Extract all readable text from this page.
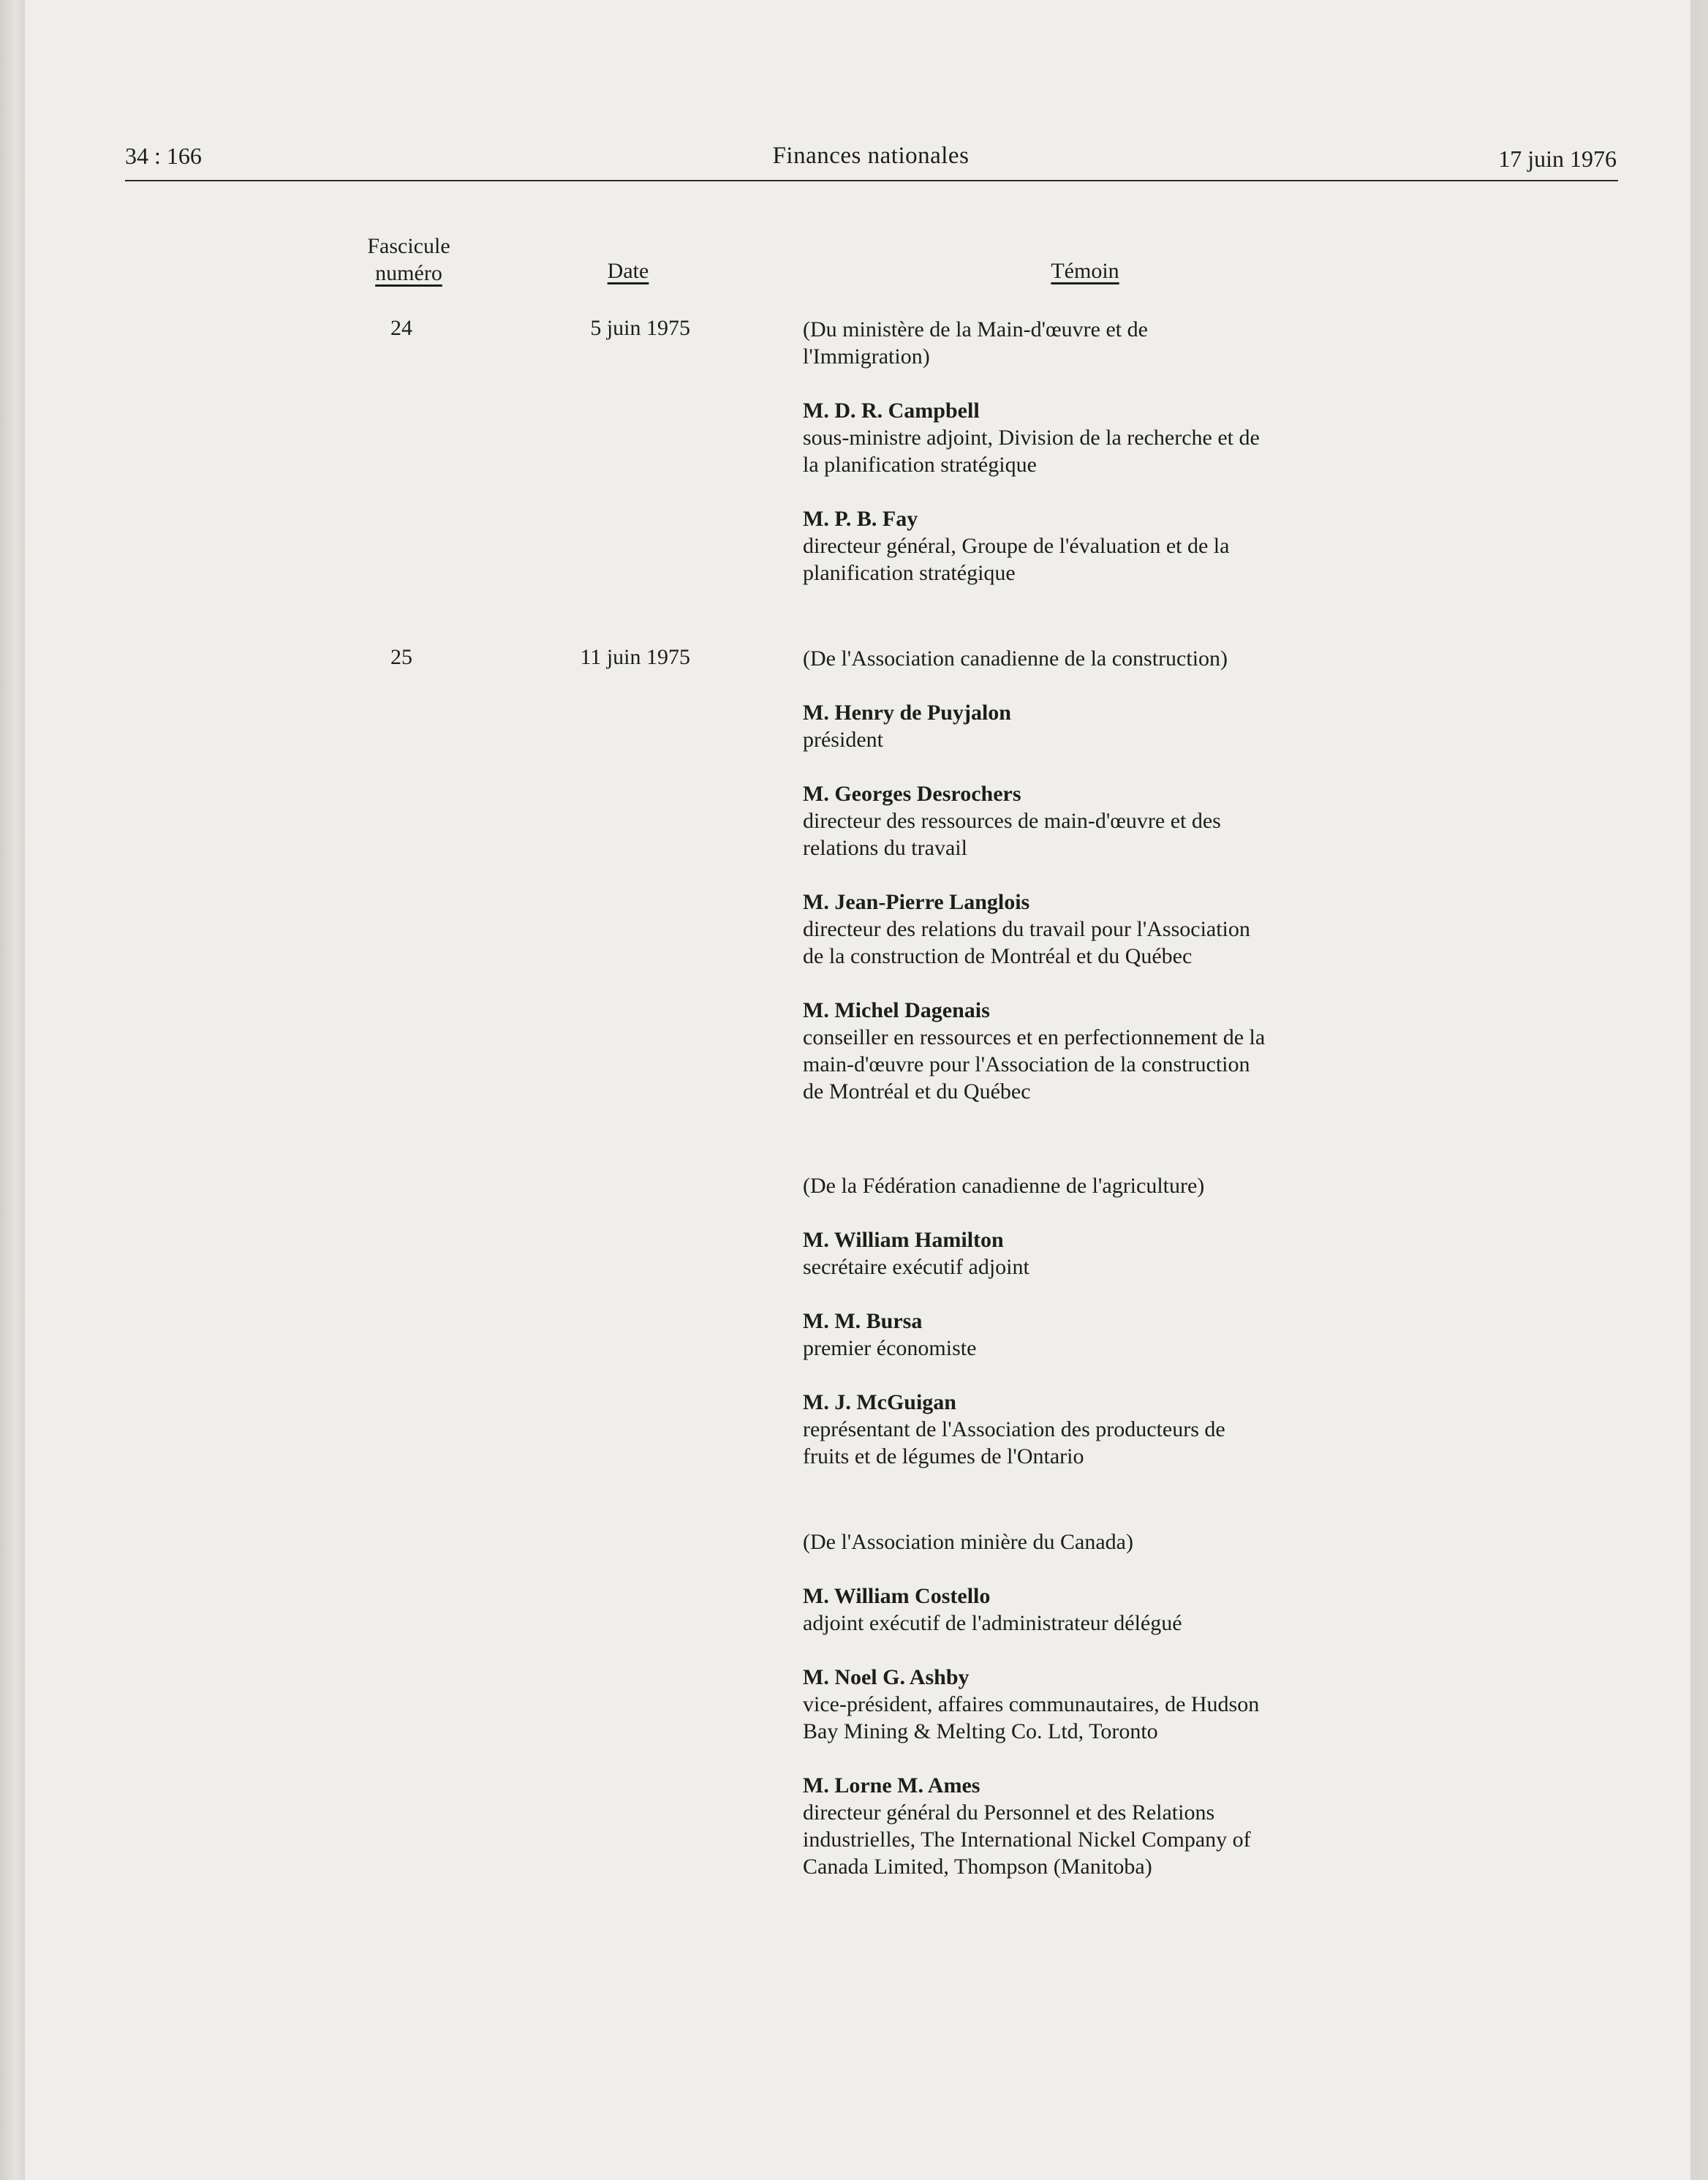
34 : 166	Finances nationales	17 juin 1976
Fascicule
numéro	Date	Témoin
24	5 juin 1975	(Du ministère de la Main-d'œuvre et de
l'Immigration)
M. D. R. Campbell
sous-ministre adjoint, Division de la recherche et de
la planification stratégique
M. P. B. Fay
directeur général, Groupe de l'évaluation et de la
planification stratégique
25	11 juin 1975	(De l'Association canadienne de la construction)
M. Henry de Puyjalon
président
M. Georges Desrochers
directeur des ressources de main-d'œuvre et des
relations du travail
M. Jean-Pierre Langlois
directeur des relations du travail pour l'Association
de la construction de Montréal et du Québec
M. Michel Dagenais
conseiller en ressources et en perfectionnement de la
main-d'œuvre pour l'Association de la construction
de Montréal et du Québec
(De la Fédération canadienne de l'agriculture)
M. William Hamilton
secrétaire exécutif adjoint
M. M. Bursa
premier économiste
M. J. McGuigan
représentant de l'Association des producteurs de
fruits et de légumes de l'Ontario
(De l'Association minière du Canada)
M. William Costello
adjoint exécutif de l'administrateur délégué
M. Noel G. Ashby
vice-président, affaires communautaires, de Hudson
Bay Mining & Melting Co. Ltd, Toronto
M. Lorne M. Ames
directeur général du Personnel et des Relations
industrielles, The International Nickel Company of
Canada Limited, Thompson (Manitoba)
